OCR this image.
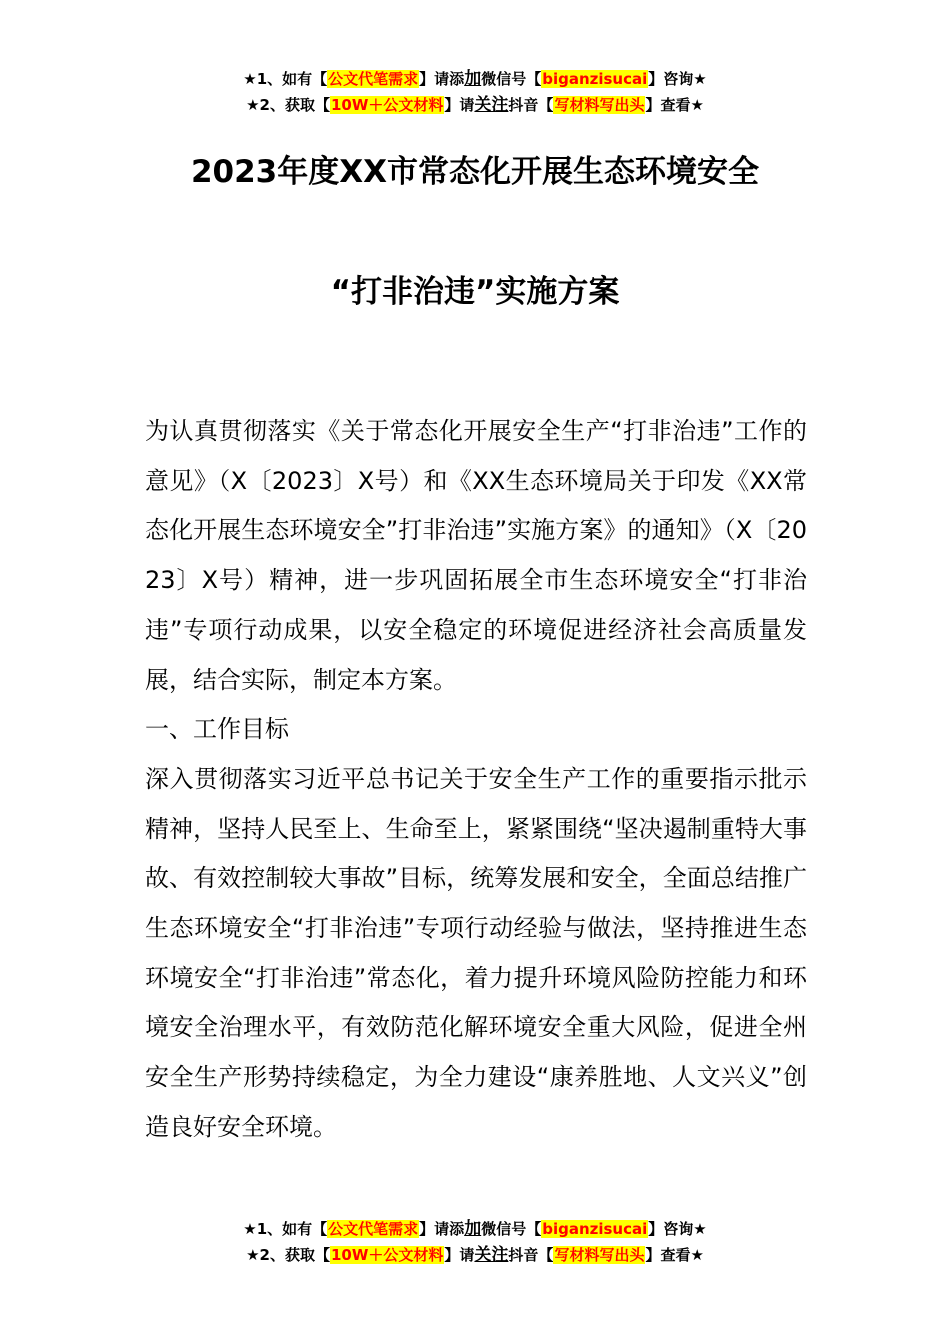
★1、如有【公文代笔需求】请添加微信号【biganzisucai】咨询★
★2、获取【10W＋公文材料】请关注抖音【写材料写出头】查看★
2023年度XX市常态化开展生态环境安全
“打非治违”实施方案

为认真贯彻落实《关于常态化开展安全生产“打非治违”工作的意见》（X〔2023〕X号）和《XX生态环境局关于印发《XX常态化开展生态环境安全”打非治违”实施方案》的通知》（X〔2023〕X号）精神，进一步巩固拓展全市生态环境安全“打非治违”专项行动成果，以安全稳定的环境促进经济社会高质量发展，结合实际，制定本方案。

一、工作目标

深入贯彻落实习近平总书记关于安全生产工作的重要指示批示精神，坚持人民至上、生命至上，紧紧围绕“坚决遏制重特大事故、有效控制较大事故”目标，统筹发展和安全，全面总结推广生态环境安全“打非治违”专项行动经验与做法，坚持推进生态环境安全“打非治违”常态化，着力提升环境风险防控能力和环境安全治理水平，有效防范化解环境安全重大风险，促进全州安全生产形势持续稳定，为全力建设“康养胜地、人文兴义”创造良好安全环境。

★1、如有【公文代笔需求】请添加微信号【biganzisucai】咨询★
★2、获取【10W＋公文材料】请关注抖音【写材料写出头】查看★
